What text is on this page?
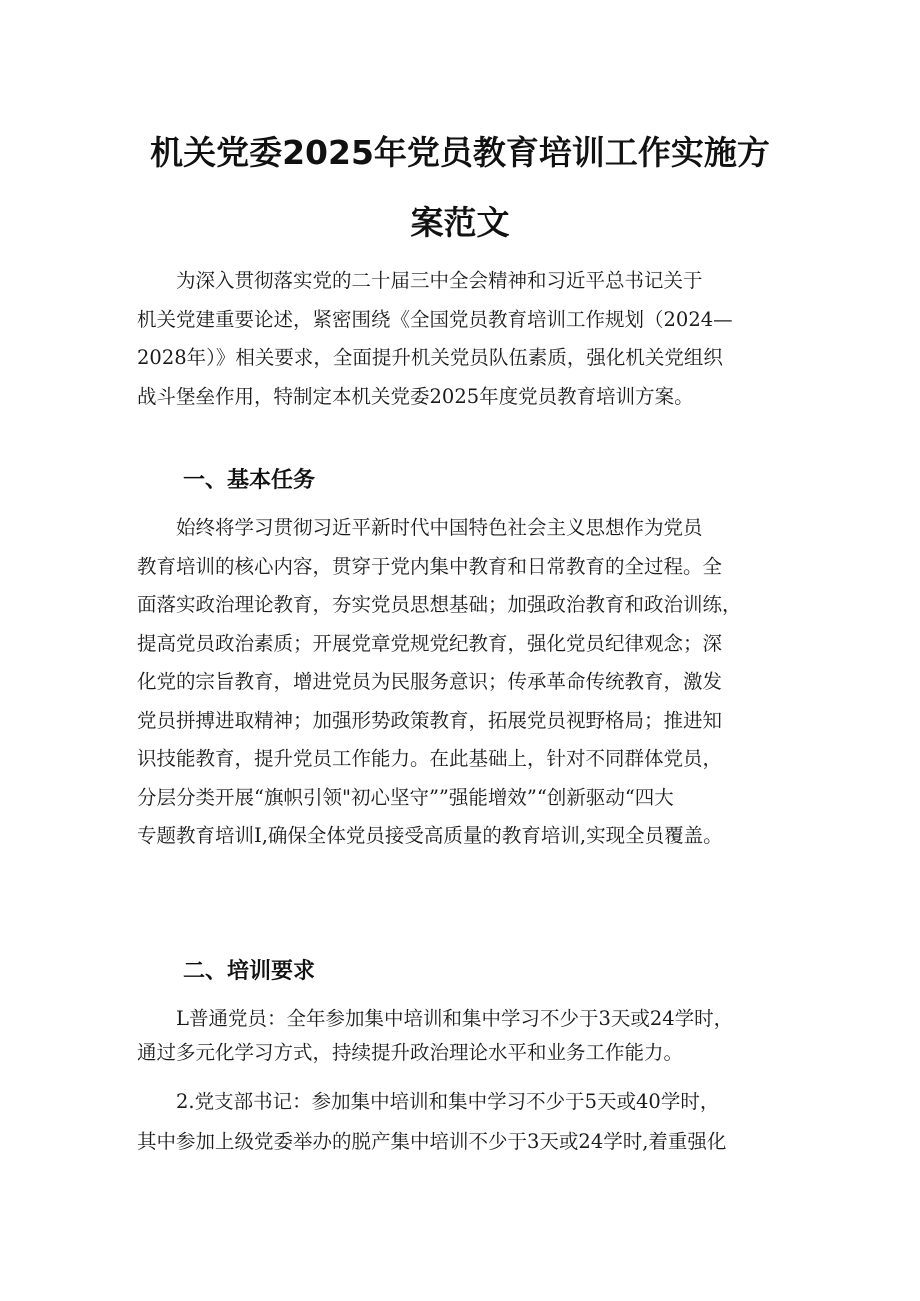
机关党委2025年党员教育培训工作实施方
案范文
　　为深入贯彻落实党的二十届三中全会精神和习近平总书记关于
机关党建重要论述，紧密围绕《全国党员教育培训工作规划（2024—
2028年）》相关要求，全面提升机关党员队伍素质，强化机关党组织
战斗堡垒作用，特制定本机关党委2025年度党员教育培训方案。
一、基本任务
　　始终将学习贯彻习近平新时代中国特色社会主义思想作为党员
教育培训的核心内容，贯穿于党内集中教育和日常教育的全过程。全
面落实政治理论教育，夯实党员思想基础；加强政治教育和政治训练，
提高党员政治素质；开展党章党规党纪教育，强化党员纪律观念；深
化党的宗旨教育，增进党员为民服务意识；传承革命传统教育，激发
党员拼搏进取精神；加强形势政策教育，拓展党员视野格局；推进知
识技能教育，提升党员工作能力。在此基础上，针对不同群体党员，
分层分类开展“旗帜引领"初心坚守””强能增效”“创新驱动“四大
专题教育培训I,确保全体党员接受高质量的教育培训,实现全员覆盖。
二、培训要求
　　L普通党员：全年参加集中培训和集中学习不少于3天或24学时，
通过多元化学习方式，持续提升政治理论水平和业务工作能力。
　　2.党支部书记：参加集中培训和集中学习不少于5天或40学时，
其中参加上级党委举办的脱产集中培训不少于3天或24学时,着重强化
